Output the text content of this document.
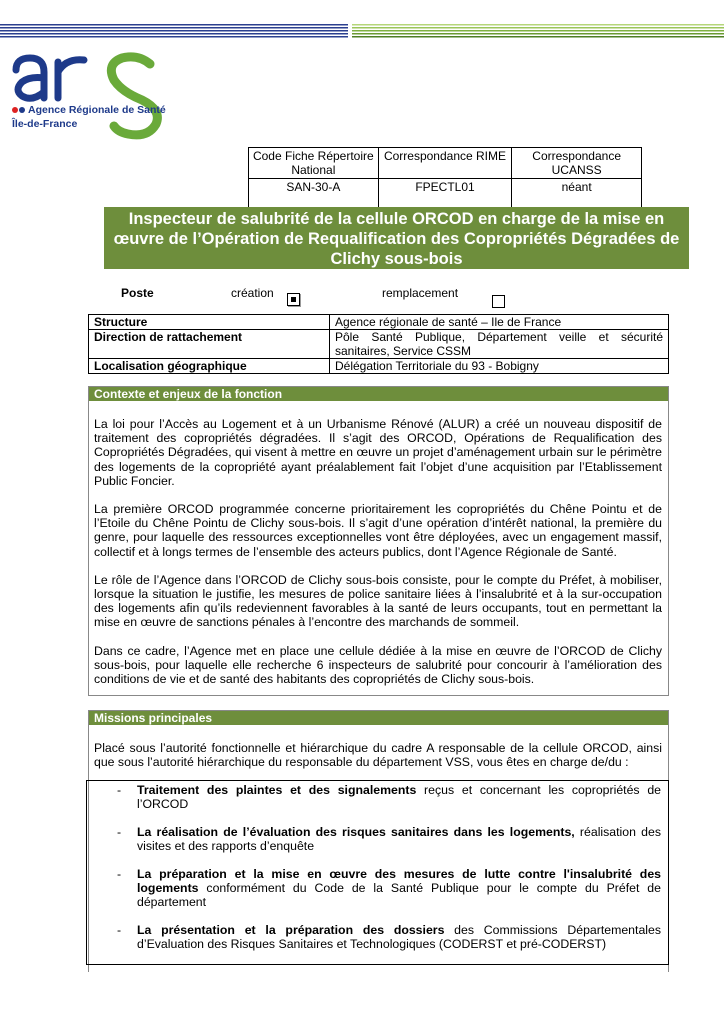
Agence Régionale de Santé
Île-de-France
Code Fiche Répertoire National	Correspondance RIME	Correspondance UCANSS
SAN-30-A	FPECTL01	néant
Inspecteur de salubrité de la cellule ORCOD en charge de la mise en œuvre de l’Opération de Requalification des Copropriétés Dégradées de Clichy sous-bois
Poste	création	remplacement
Structure	Agence régionale de santé – Ile de France
Direction de rattachement	Pôle Santé Publique, Département veille et sécurité sanitaires, Service CSSM
Localisation géographique	Délégation Territoriale du 93 - Bobigny
Contexte et enjeux de la fonction

La loi pour l’Accès au Logement et à un Urbanisme Rénové (ALUR) a créé un nouveau dispositif de traitement des copropriétés dégradées. Il s’agit des ORCOD, Opérations de Requalification des Copropriétés Dégradées, qui visent à mettre en œuvre un projet d’aménagement urbain sur le périmètre des logements de la copropriété ayant préalablement fait l’objet d’une acquisition par l’Etablissement Public Foncier.

La première ORCOD programmée concerne prioritairement les copropriétés du Chêne Pointu et de l’Etoile du Chêne Pointu de Clichy sous-bois. Il s’agit d’une opération d’intérêt national, la première du genre, pour laquelle des ressources exceptionnelles vont être déployées, avec un engagement massif, collectif et à longs termes de l’ensemble des acteurs publics, dont l’Agence Régionale de Santé.

Le rôle de l’Agence dans l’ORCOD de Clichy sous-bois consiste, pour le compte du Préfet, à mobiliser, lorsque la situation le justifie, les mesures de police sanitaire liées à l’insalubrité et à la sur-occupation des logements afin qu’ils redeviennent favorables à la santé de leurs occupants, tout en permettant la mise en œuvre de sanctions pénales à l’encontre des marchands de sommeil.

Dans ce cadre, l’Agence met en place une cellule dédiée à la mise en œuvre de l’ORCOD de Clichy sous-bois, pour laquelle elle recherche 6 inspecteurs de salubrité pour concourir à l’amélioration des conditions de vie et de santé des habitants des copropriétés de Clichy sous-bois.

Missions principales

Placé sous l’autorité fonctionnelle et hiérarchique du cadre A responsable de la cellule ORCOD, ainsi que sous l’autorité hiérarchique du responsable du département VSS, vous êtes en charge de/du :

- Traitement des plaintes et des signalements reçus et concernant les copropriétés de l’ORCOD
- La réalisation de l’évaluation des risques sanitaires dans les logements, réalisation des visites et des rapports d’enquête
- La préparation et la mise en œuvre des mesures de lutte contre l'insalubrité des logements conformément du Code de la Santé Publique pour le compte du Préfet de département
- La présentation et la préparation des dossiers des Commissions Départementales d’Evaluation des Risques Sanitaires et Technologiques (CODERST et pré-CODERST)
